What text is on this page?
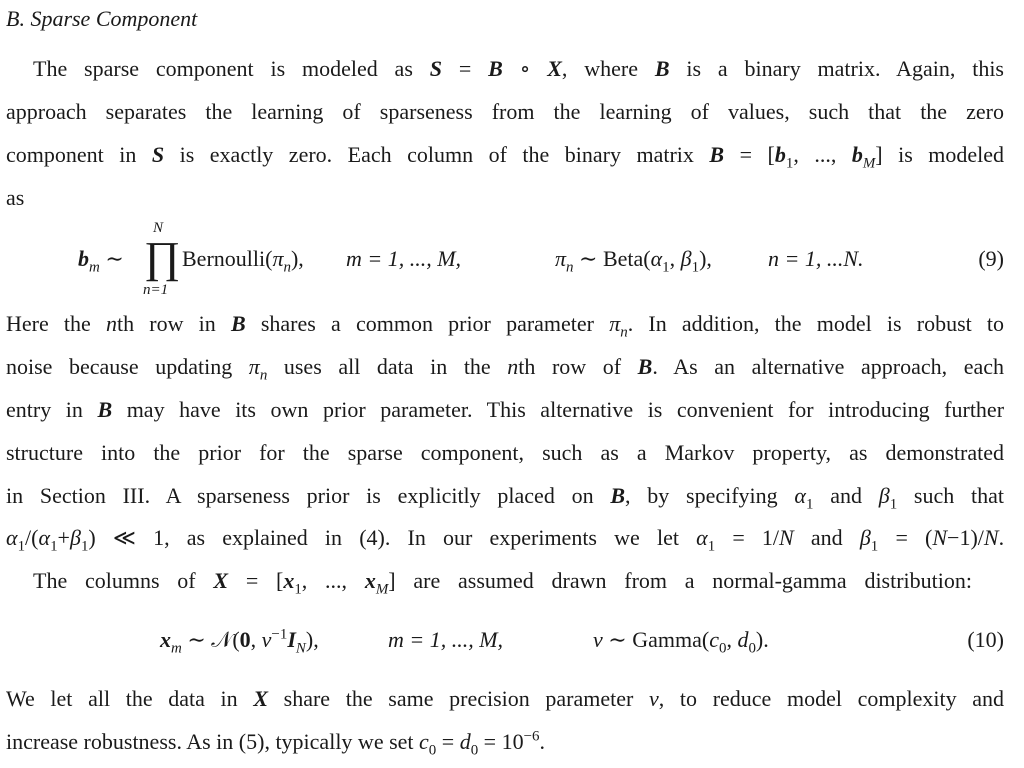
B. Sparse Component
The sparse component is modeled as S = B ∘ X, where B is a binary matrix. Again, this
approach separates the learning of sparseness from the learning of values, such that the zero
component in S is exactly zero. Each column of the binary matrix $B = [b_1$, ..., $b_M$] is modeled
as
$b_m$ ∼
N
∏
n=1
$Bernoulli(\pi_n)$, m = 1, ..., M,	$\pi_n$ ∼ $Beta(\alpha_1$, $\beta_1$),	n = 1, ...N.	(9)
Here the nth row in B shares a common prior parameter $\pi_n$. In addition, the model is robust to
noise because updating $\pi_n$ uses all data in the nth row of B. As an alternative approach, each
entry in B may have its own prior parameter. This alternative is convenient for introducing further
structure into the prior for the sparse component, such as a Markov property, as demonstrated
in Section III. A sparseness prior is explicitly placed on B, by specifying $\alpha_1$ and $\beta_1$ such that
$\alpha_1/(\alpha_1+\beta_1)$ ≪ 1, as explained in (4). In our experiments we let $\alpha_1 = 1/N$ and $\beta_1 = (N-1)/N$.
The columns of $X = [x_1$, ..., $x_M$] are assumed drawn from a normal-gamma distribution:
$x_m$ ∼ 𝒩(0, $\nu^{-1}I_N$),	m = 1, ..., M,	ν ∼ $Gamma(c_0$, $d_0$).	(10)
We let all the data in X share the same precision parameter ν, to reduce model complexity and
increase robustness. As in (5), typically we set $c_0 = d_0 = 10^{-6}$.
